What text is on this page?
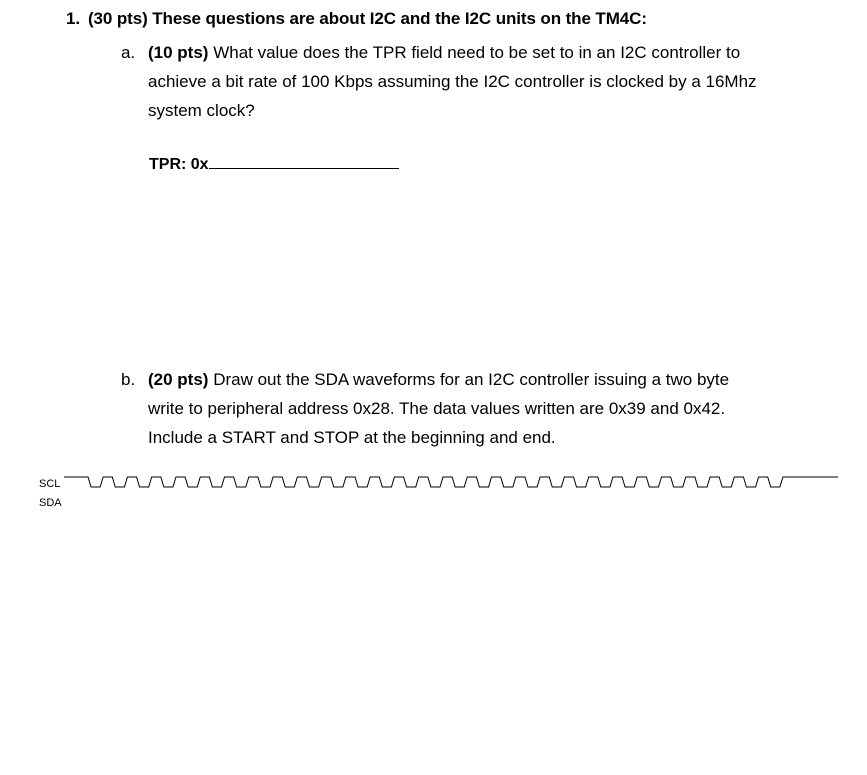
1. (30 pts) These questions are about I2C and the I2C units on the TM4C:
a. (10 pts) What value does the TPR field need to be set to in an I2C controller to
achieve a bit rate of 100 Kbps assuming the I2C controller is clocked by a 16Mhz
system clock?
TPR: 0x
b. (20 pts) Draw out the SDA waveforms for an I2C controller issuing a two byte
write to peripheral address 0x28. The data values written are 0x39 and 0x42.
Include a START and STOP at the beginning and end.
SCL
SDA
